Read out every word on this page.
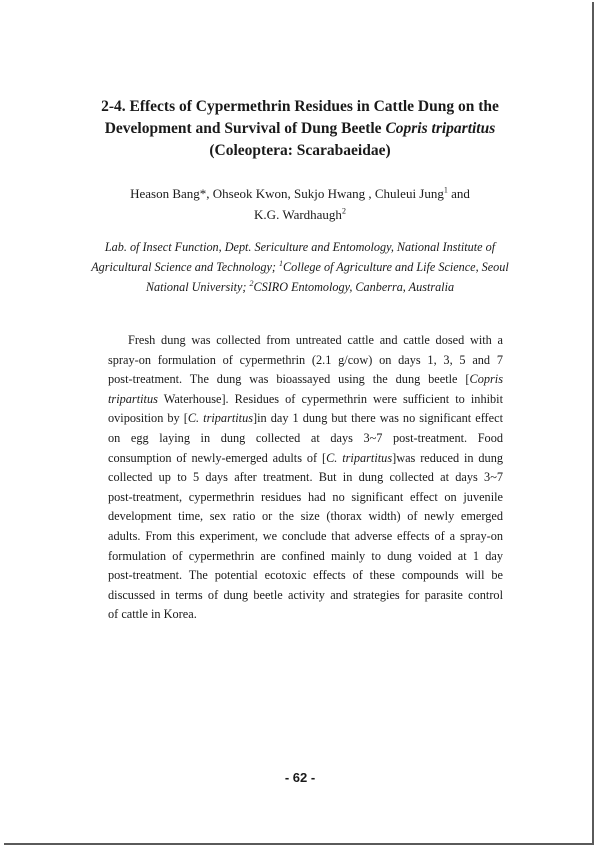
2-4. Effects of Cypermethrin Residues in Cattle Dung on the
Development and Survival of Dung Beetle Copris tripartitus
(Coleoptera: Scarabaeidae)
Heason Bang*, Ohseok Kwon, Sukjo Hwang , Chuleui Jung$^1$ and
K.G. Wardhaugh$^2$
Lab. of Insect Function, Dept. Sericulture and Entomology, National Institute of
Agricultural Science and Technology; $^1$College of Agriculture and Life Science, Seoul
National University; $^2$CSIRO Entomology, Canberra, Australia
Fresh dung was collected from untreated cattle and cattle dosed with a
spray-on formulation of cypermethrin (2.1 g/cow) on days 1, 3, 5 and 7
post-treatment. The dung was bioassayed using the dung beetle [Copris
tripartitus Waterhouse]. Residues of cypermethrin were sufficient to inhibit
oviposition by [C. tripartitus]in day 1 dung but there was no significant effect
on egg laying in dung collected at days 3~7 post-treatment. Food
consumption of newly-emerged adults of [C. tripartitus]was reduced in dung
collected up to 5 days after treatment. But in dung collected at days 3~7
post-treatment, cypermethrin residues had no significant effect on juvenile
development time, sex ratio or the size (thorax width) of newly emerged
adults. From this experiment, we conclude that adverse effects of a spray-on
formulation of cypermethrin are confined mainly to dung voided at 1 day
post-treatment. The potential ecotoxic effects of these compounds will be
discussed in terms of dung beetle activity and strategies for parasite control
of cattle in Korea.
- 62 -
